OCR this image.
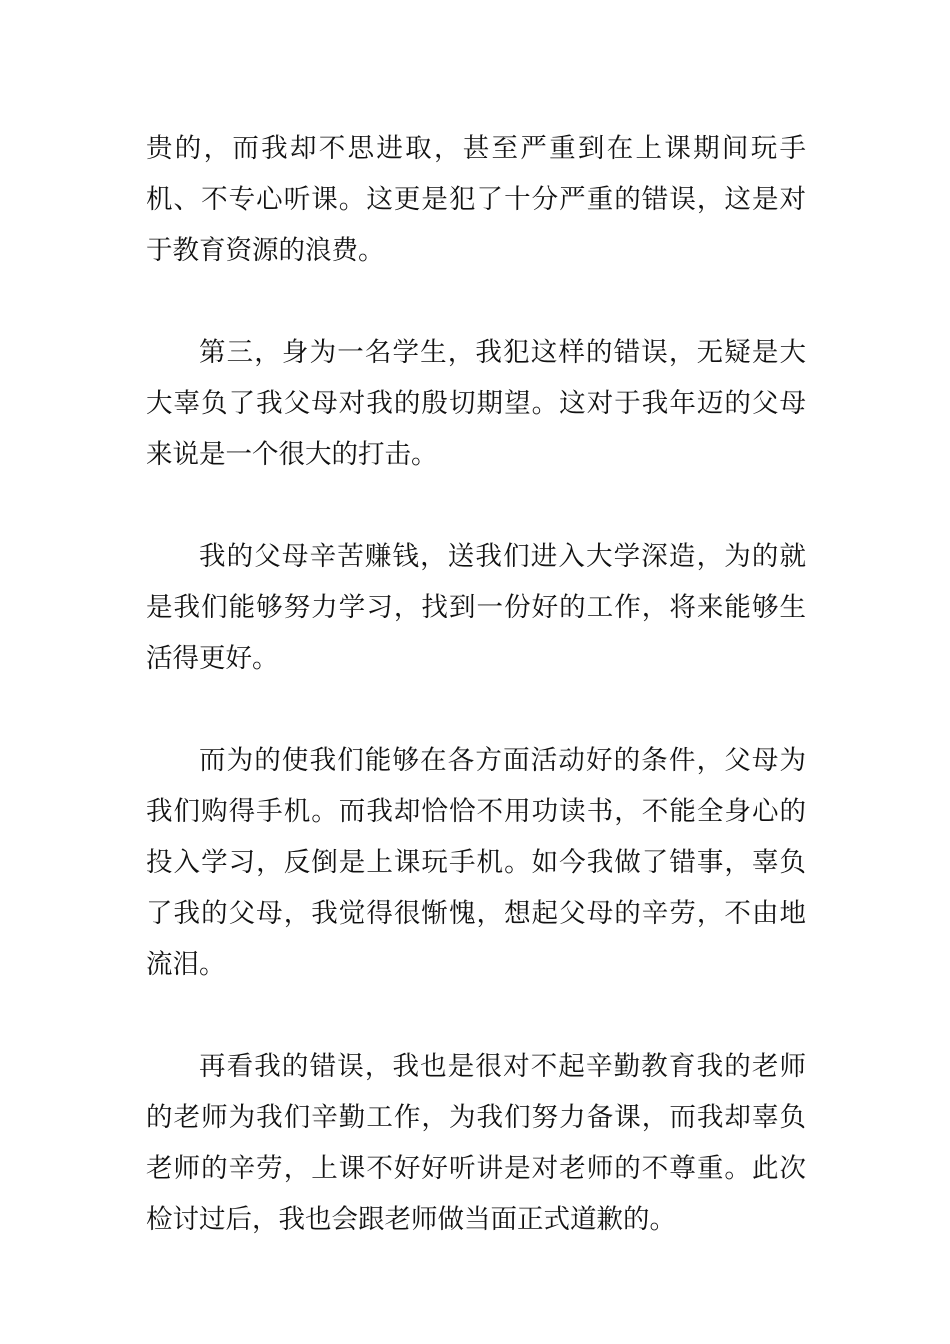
贵的，而我却不思进取，甚至严重到在上课期间玩手机、不专心听课。这更是犯了十分严重的错误，这是对于教育资源的浪费。

第三，身为一名学生，我犯这样的错误，无疑是大大辜负了我父母对我的殷切期望。这对于我年迈的父母来说是一个很大的打击。

我的父母辛苦赚钱，送我们进入大学深造，为的就是我们能够努力学习，找到一份好的工作，将来能够生活得更好。

而为的使我们能够在各方面活动好的条件，父母为我们购得手机。而我却恰恰不用功读书，不能全身心的投入学习，反倒是上课玩手机。如今我做了错事，辜负了我的父母，我觉得很惭愧，想起父母的辛劳，不由地流泪。

再看我的错误，我也是很对不起辛勤教育我的老师的老师为我们辛勤工作，为我们努力备课，而我却辜负老师的辛劳，上课不好好听讲是对老师的不尊重。此次检讨过后，我也会跟老师做当面正式道歉的。
